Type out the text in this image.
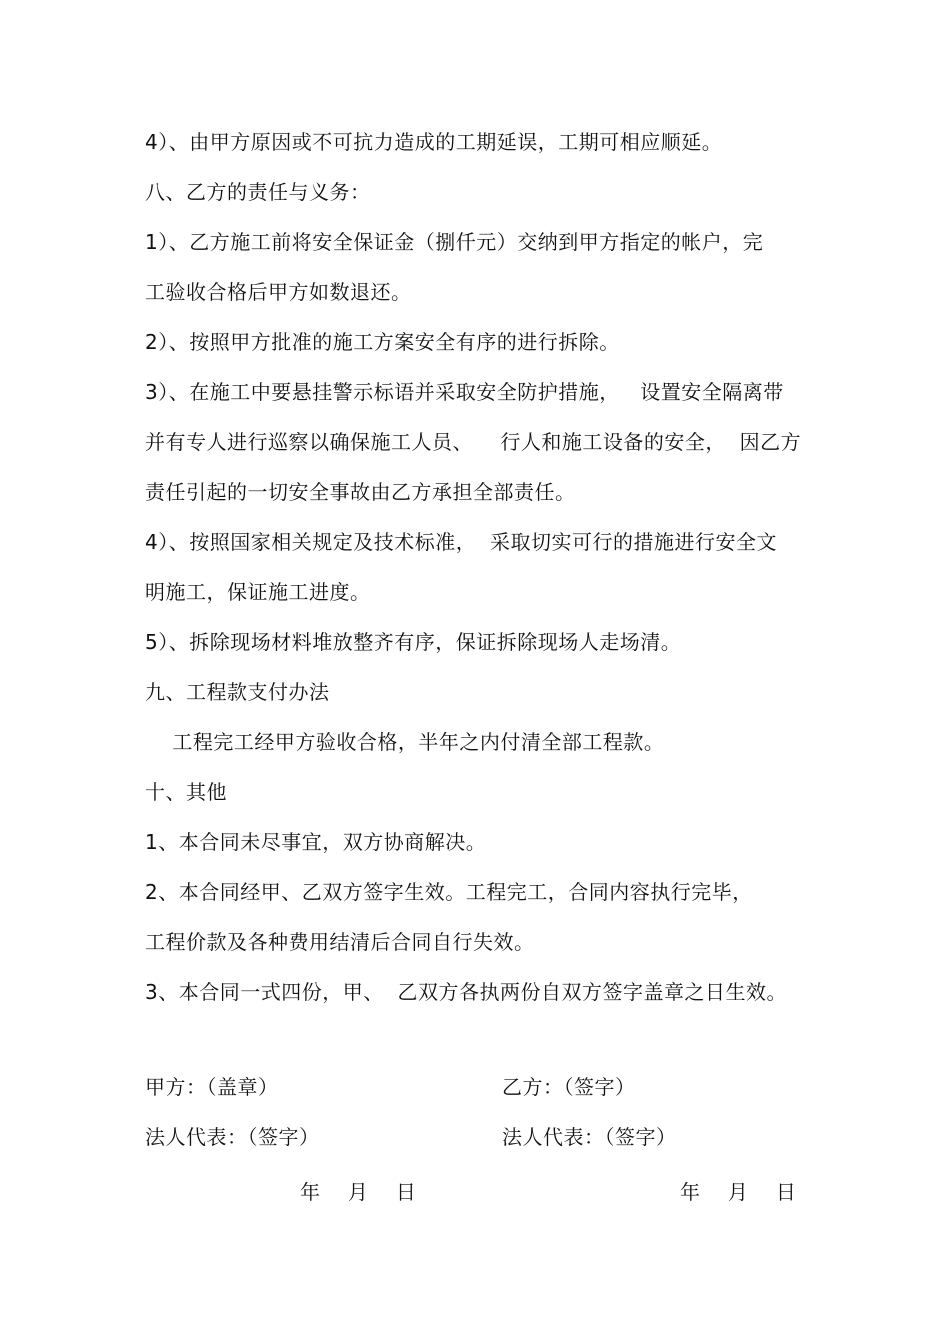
4）、由甲方原因或不可抗力造成的工期延误，工期可相应顺延。
八、乙方的责任与义务：
1）、乙方施工前将安全保证金（捌仟元）交纳到甲方指定的帐户，完
工验收合格后甲方如数退还。
2）、按照甲方批准的施工方案安全有序的进行拆除。
3）、在施工中要悬挂警示标语并采取安全防护措施，   设置安全隔离带
并有专人进行巡察以确保施工人员、    行人和施工设备的安全，  因乙方
责任引起的一切安全事故由乙方承担全部责任。
4）、按照国家相关规定及技术标准，  采取切实可行的措施进行安全文
明施工，保证施工进度。
5）、拆除现场材料堆放整齐有序，保证拆除现场人走场清。
九、工程款支付办法
工程完工经甲方验收合格，半年之内付清全部工程款。
十、其他
1、本合同未尽事宜，双方协商解决。
2、本合同经甲、乙双方签字生效。工程完工，合同内容执行完毕，
工程价款及各种费用结清后合同自行失效。
3、本合同一式四份，甲、  乙双方各执两份自双方签字盖章之日生效。
甲方：（盖章）	乙方：（签字）
法人代表：（签字）	法人代表：（签字）
年    月    日	年    月    日
